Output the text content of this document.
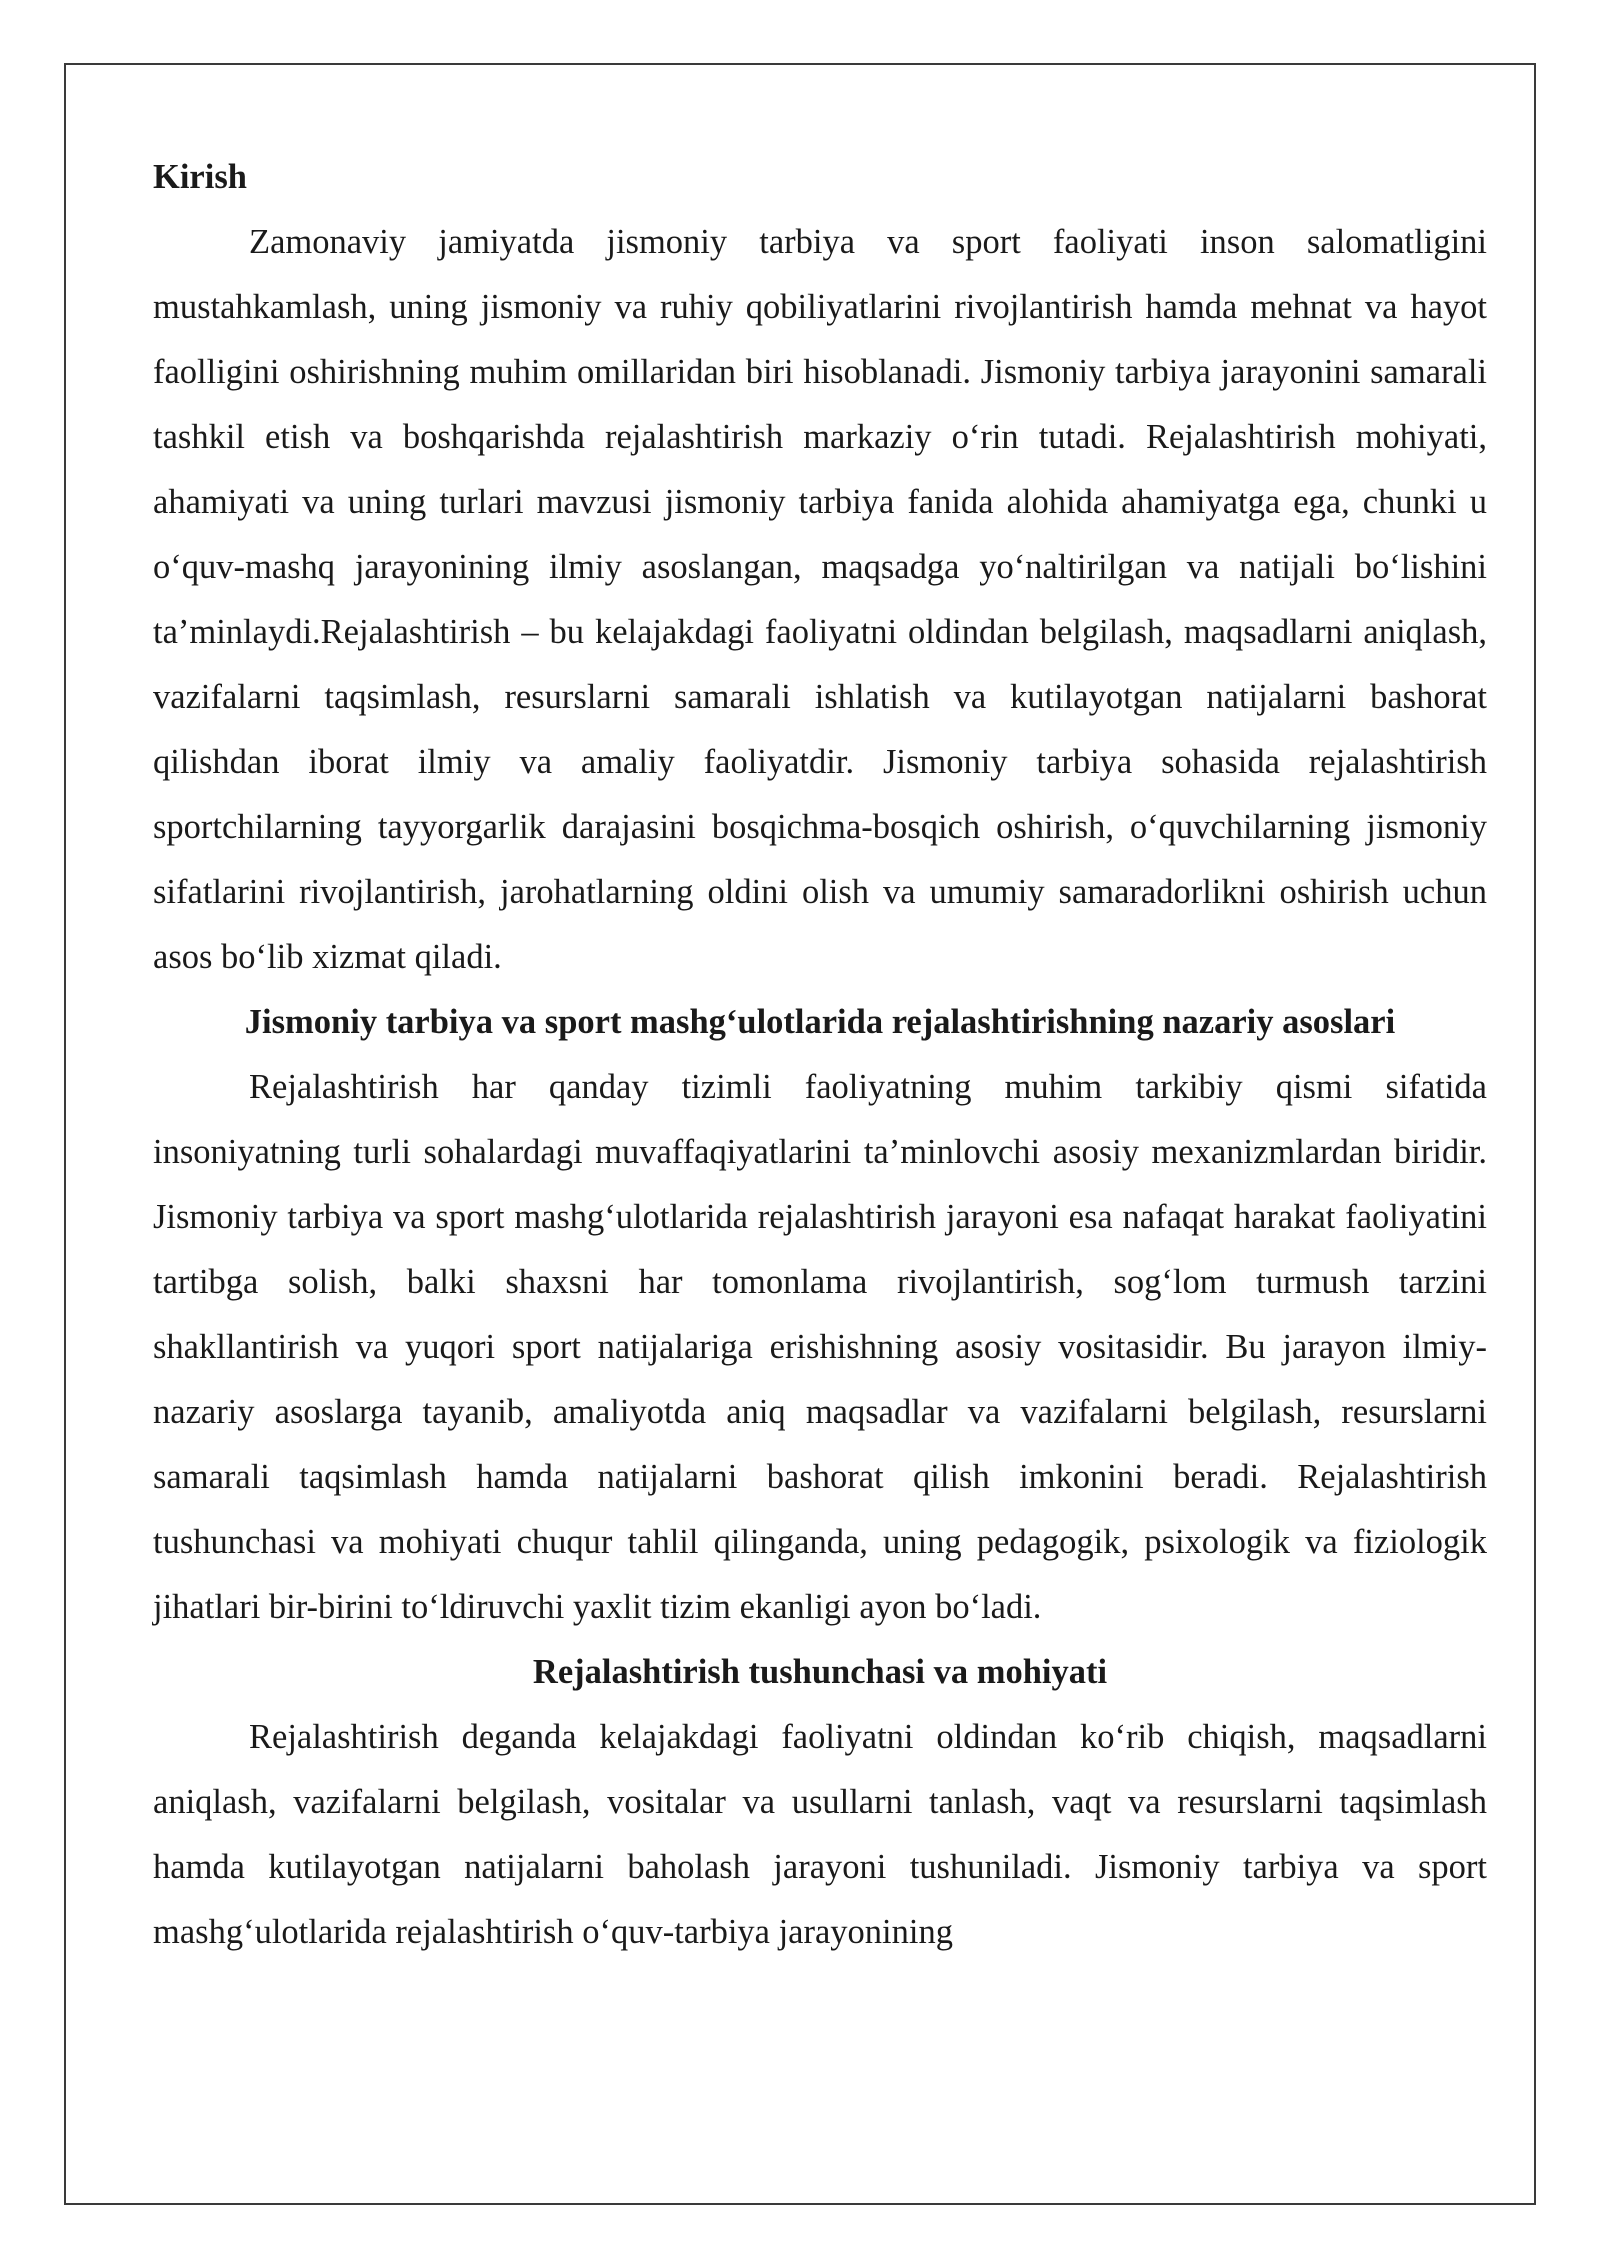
Kirish

Zamonaviy jamiyatda jismoniy tarbiya va sport faoliyati inson salomatligini mustahkamlash, uning jismoniy va ruhiy qobiliyatlarini rivojlantirish hamda mehnat va hayot faolligini oshirishning muhim omillaridan biri hisoblanadi. Jismoniy tarbiya jarayonini samarali tashkil etish va boshqarishda rejalashtirish markaziy o‘rin tutadi. Rejalashtirish mohiyati, ahamiyati va uning turlari mavzusi jismoniy tarbiya fanida alohida ahamiyatga ega, chunki u o‘quv-mashq jarayonining ilmiy asoslangan, maqsadga yo‘naltirilgan va natijali bo‘lishini ta’minlaydi.Rejalashtirish – bu kelajakdagi faoliyatni oldindan belgilash, maqsadlarni aniqlash, vazifalarni taqsimlash, resurslarni samarali ishlatish va kutilayotgan natijalarni bashorat qilishdan iborat ilmiy va amaliy faoliyatdir. Jismoniy tarbiya sohasida rejalashtirish sportchilarning tayyorgarlik darajasini bosqichma-bosqich oshirish, o‘quvchilarning jismoniy sifatlarini rivojlantirish, jarohatlarning oldini olish va umumiy samaradorlikni oshirish uchun asos bo‘lib xizmat qiladi.

Jismoniy tarbiya va sport mashg‘ulotlarida rejalashtirishning nazariy asoslari

Rejalashtirish har qanday tizimli faoliyatning muhim tarkibiy qismi sifatida insoniyatning turli sohalardagi muvaffaqiyatlarini ta’minlovchi asosiy mexanizmlardan biridir. Jismoniy tarbiya va sport mashg‘ulotlarida rejalashtirish jarayoni esa nafaqat harakat faoliyatini tartibga solish, balki shaxsni har tomonlama rivojlantirish, sog‘lom turmush tarzini shakllantirish va yuqori sport natijalariga erishishning asosiy vositasidir. Bu jarayon ilmiy-nazariy asoslarga tayanib, amaliyotda aniq maqsadlar va vazifalarni belgilash, resurslarni samarali taqsimlash hamda natijalarni bashorat qilish imkonini beradi. Rejalashtirish tushunchasi va mohiyati chuqur tahlil qilinganda, uning pedagogik, psixologik va fiziologik jihatlari bir-birini to‘ldiruvchi yaxlit tizim ekanligi ayon bo‘ladi.

Rejalashtirish tushunchasi va mohiyati

Rejalashtirish deganda kelajakdagi faoliyatni oldindan ko‘rib chiqish, maqsadlarni aniqlash, vazifalarni belgilash, vositalar va usullarni tanlash, vaqt va resurslarni taqsimlash hamda kutilayotgan natijalarni baholash jarayoni tushuniladi. Jismoniy tarbiya va sport mashg‘ulotlarida rejalashtirish o‘quv-tarbiya jarayonining
